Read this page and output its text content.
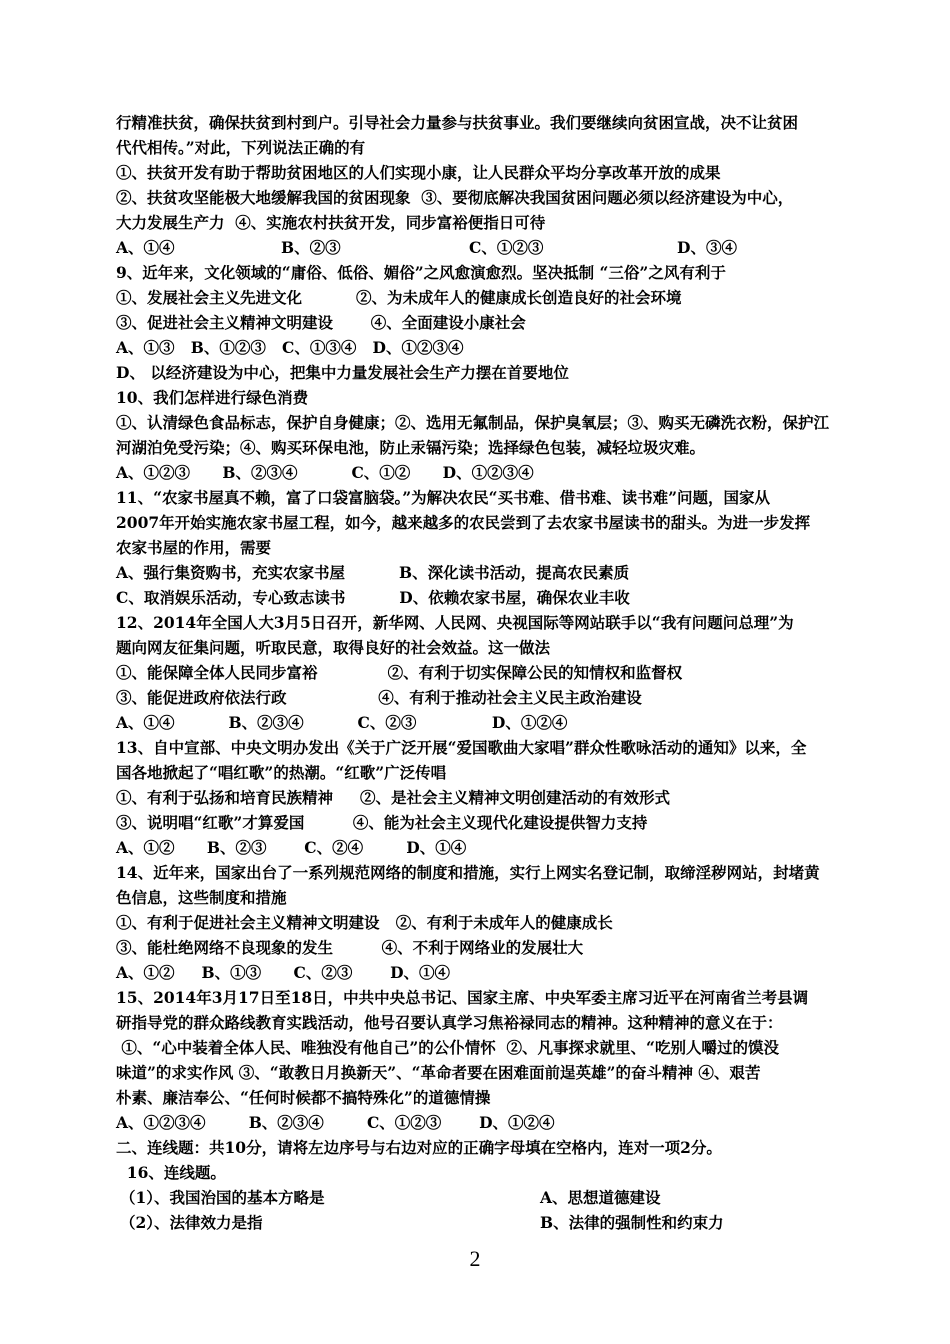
行精准扶贫，确保扶贫到村到户。引导社会力量参与扶贫事业。我们要继续向贫困宣战，决不让贫困
代代相传。”对此，下列说法正确的有
①、扶贫开发有助于帮助贫困地区的人们实现小康，让人民群众平均分享改革开放的成果
②、扶贫攻坚能极大地缓解我国的贫困现象  ③、要彻底解决我国贫困问题必须以经济建设为中心，
大力发展生产力  ④、实施农村扶贫开发，同步富裕便指日可待
A、①④	B、②③	C、①②③	D、③④
9、近年来，文化领域的“庸俗、低俗、媚俗”之风愈演愈烈。坚决抵制 “三俗”之风有利于
①、发展社会主义先进文化          ②、为未成年人的健康成长创造良好的社会环境
③、促进社会主义精神文明建设       ④、全面建设小康社会
A、①③   B、①②③   C、①③④   D、①②③④
D、 以经济建设为中心，把集中力量发展社会生产力摆在首要地位
10、我们怎样进行绿色消费
①、认清绿色食品标志，保护自身健康；②、选用无氟制品，保护臭氧层；③、购买无磷洗衣粉，保护江
河湖泊免受污染；④、购买环保电池，防止汞镉污染；选择绿色包装，减轻垃圾灾难。
A、①②③      B、②③④          C、①②      D、①②③④
11、“农家书屋真不赖，富了口袋富脑袋。”为解决农民“买书难、借书难、读书难”问题，国家从
2007年开始实施农家书屋工程，如今，越来越多的农民尝到了去农家书屋读书的甜头。为进一步发挥
农家书屋的作用，需要
A、强行集资购书，充实农家书屋          B、深化读书活动，提高农民素质
C、取消娱乐活动，专心致志读书          D、依赖农家书屋，确保农业丰收
12、2014年全国人大3月5日召开，新华网、人民网、央视国际等网站联手以“我有问题问总理”为
题向网友征集问题，听取民意，取得良好的社会效益。这一做法
①、能保障全体人民同步富裕             ②、有利于切实保障公民的知情权和监督权
③、能促进政府依法行政                 ④、有利于推动社会主义民主政治建设
A、①④          B、②③④          C、②③              D、①②④
13、自中宣部、中央文明办发出《关于广泛开展“爱国歌曲大家唱”群众性歌咏活动的通知》以来，全
国各地掀起了“唱红歌”的热潮。“红歌”广泛传唱
①、有利于弘扬和培育民族精神     ②、是社会主义精神文明创建活动的有效形式
③、说明唱“红歌”才算爱国         ④、能为社会主义现代化建设提供智力支持
A、①②      B、②③       C、②④        D、①④
14、近年来，国家出台了一系列规范网络的制度和措施，实行上网实名登记制，取缔淫秽网站，封堵黄
色信息，这些制度和措施
①、有利于促进社会主义精神文明建设   ②、有利于未成年人的健康成长
③、能杜绝网络不良现象的发生         ④、不利于网络业的发展壮大
A、①②     B、①③      C、②③       D、①④
15、2014年3月17日至18日，中共中央总书记、国家主席、中央军委主席习近平在河南省兰考县调
研指导党的群众路线教育实践活动，他号召要认真学习焦裕禄同志的精神。这种精神的意义在于：
①、“心中装着全体人民、唯独没有他自己”的公仆情怀  ②、凡事探求就里、“吃别人嚼过的馍没
味道”的求实作风 ③、“敢教日月换新天”、“革命者要在困难面前逞英雄”的奋斗精神 ④、艰苦
朴素、廉洁奉公、“任何时候都不搞特殊化”的道德情操
A、①②③④        B、②③④        C、①②③       D、①②④
二、连线题：共10分，请将左边序号与右边对应的正确字母填在空格内，连对一项2分。
16、连线题。
（1）、我国治国的基本方略是	A、思想道德建设
（2）、法律效力是指	B、法律的强制性和约束力
2
